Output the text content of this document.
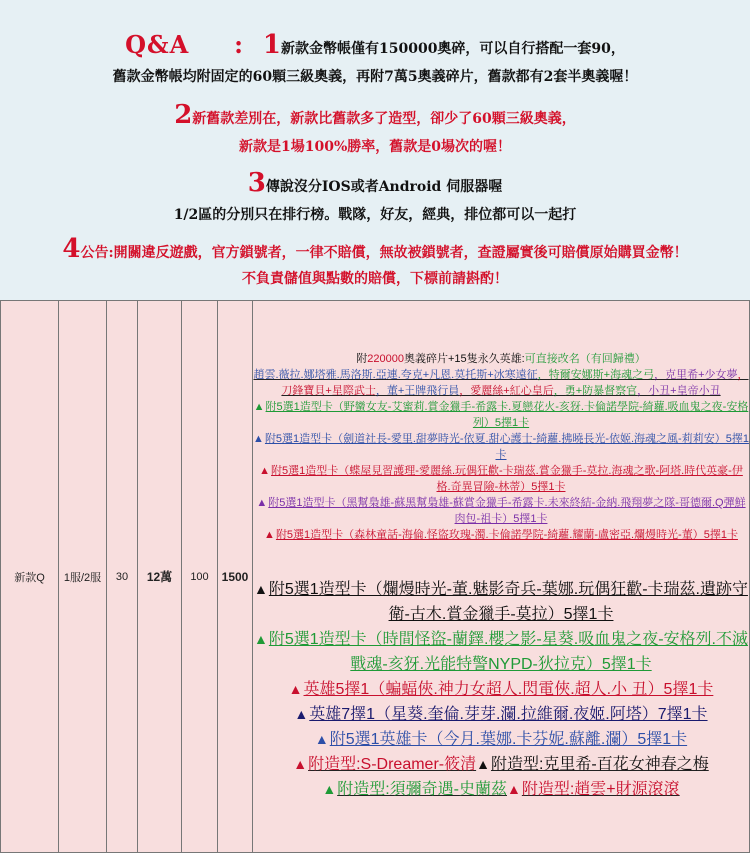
Q&A : 1新款金幣帳僅有150000奧碎，可以自行搭配一套90，
舊款金幣帳均附固定的60顆三級奧義，再附7萬5奧義碎片，舊款都有2套半奧義喔！
2新舊款差別在，新款比舊款多了造型，卻少了60顆三級奧義，
新款是1場100%勝率，舊款是0場次的喔！
3傳說沒分IOS或者Android 伺服器喔
1/2區的分別只在排行榜。戰隊，好友，經典，排位都可以一起打
4公告:開關違反遊戲，官方鎖號者，一律不賠償，無故被鎖號者，查證屬實後可賠償原始購買金幣！
不負責儲值與點數的賠償，下標前請斟酌！
新款Q	1服/2服	30	12萬	100	1500	

附220000奧義碎片+15隻永久英雄:可直接改名（有回歸禮）

趙雲.薇拉.娜塔雅.馬洛斯.亞連.夸克+凡恩.莫托斯+冰寒遠征，特爾安娜斯+海魂之弓，克里希+少女夢，刀鋒寶貝+星際武士，董+王牌飛行員，愛麗絲+紅心皇后，勇+防暴督察官，小丑+皇帝小丑

▲附5選1造型卡（野蠻女友-艾蜜莉.賞金獵手-希露卡.夏戀花火-亥犽.卡倫諾學院-綺蘿.吸血鬼之夜-安格列）5擇1卡

▲附5選1造型卡（劍道社長-愛里.甜夢時光-依夏.甜心護士-綺蘿.拂曉長光-依姬.海魂之風-莉莉安）5擇1卡

▲附5選1造型卡（蝶屋見習護理-愛麗絲.玩偶狂歡-卡瑞茲.賞金獵手-莫拉.海魂之歌-阿塔.時代英豪-伊格.奇異冒險-林蒂）5擇1卡

▲附5選1造型卡（黑幫梟雄-蘇黑幫梟雄-蘇賞金獵手-希露卡.未來終結-金納.飛翔夢之隊-哥德爾.Q彈鮮肉包-祖卡）5擇1卡

▲附5選1造型卡（森林童話-海倫.怪盜玫瑰-濁.卡倫諾學院-綺蘿.耀蘭-盧密亞.爛熳時光-董）5擇1卡

▲附5選1造型卡（爛熳時光-董.魅影奇兵-葉娜.玩偶狂歡-卡瑞茲.遺跡守衛-古木.賞金獵手-莫拉）5擇1卡
▲附5選1造型卡（時間怪盜-蘭鐸.櫻之影-星葵.吸血鬼之夜-安格列.不滅戰魂-亥犽.光能特警NYPD-狄拉克）5擇1卡
▲英雄5擇1（蝙蝠俠.神力女超人.閃電俠.超人.小 丑）5擇1卡
▲英雄7擇1（星葵.奎倫.芽芽.瀾.拉維爾.夜姬.阿塔）7擇1卡
▲附5選1英雄卡（今月.葉娜.卡芬妮.蘇離.瀾）5擇1卡
▲附造型:S-Dreamer-筱清▲附造型:克里希-百花女神春之梅
▲附造型:須彌奇遇-史蘭茲▲附造型:趙雲+財源滾滾
